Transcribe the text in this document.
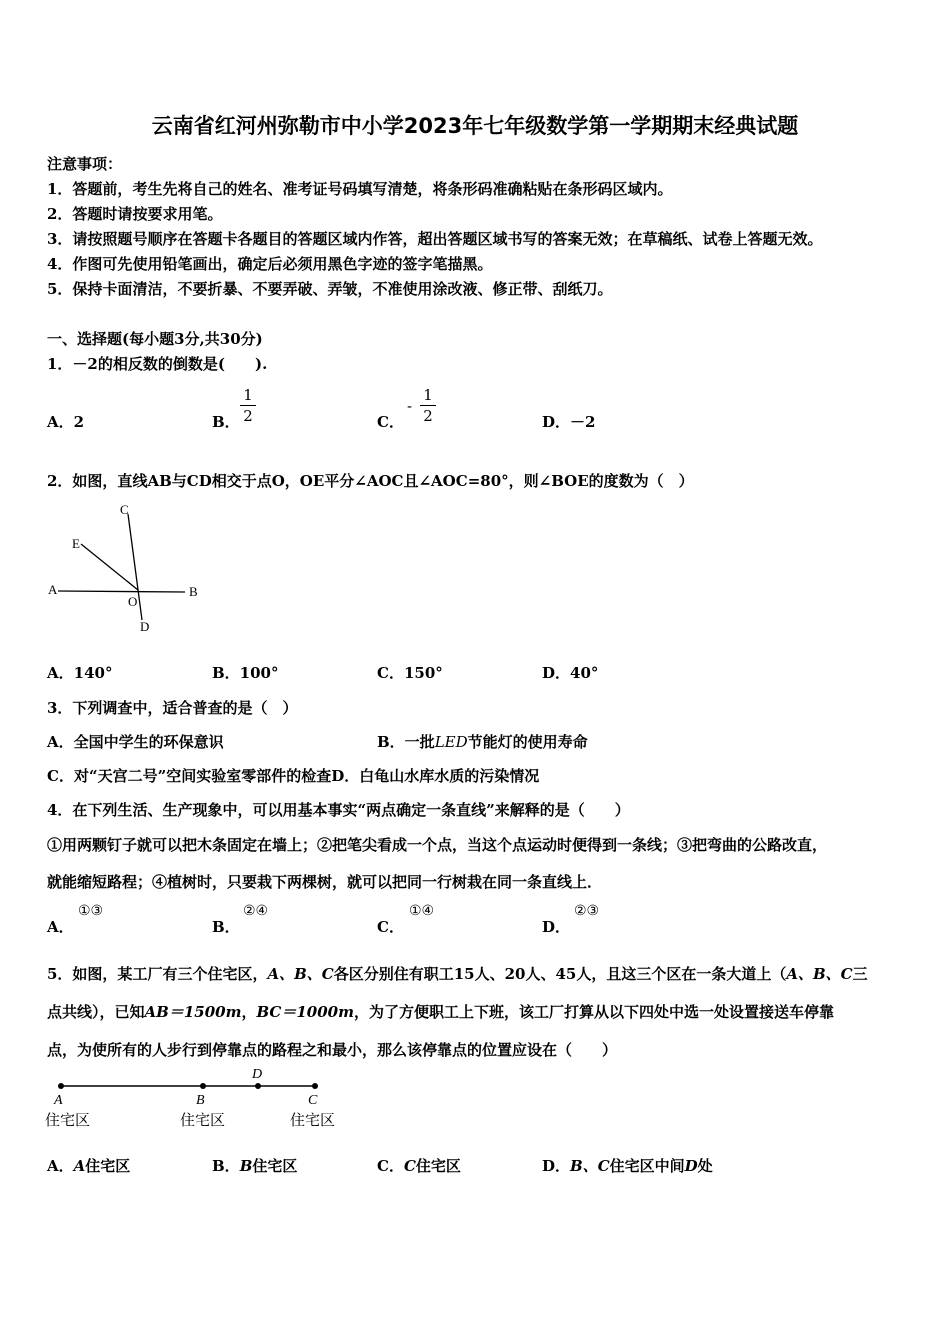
云南省红河州弥勒市中小学2023年七年级数学第一学期期末经典试题
注意事项：
1．答题前，考生先将自己的姓名、准考证号码填写清楚，将条形码准确粘贴在条形码区域内。
2．答题时请按要求用笔。
3．请按照题号顺序在答题卡各题目的答题区域内作答，超出答题区域书写的答案无效；在草稿纸、试卷上答题无效。
4．作图可先使用铅笔画出，确定后必须用黑色字迹的签字笔描黑。
5．保持卡面清洁，不要折暴、不要弄破、弄皱，不准使用涂改液、修正带、刮纸刀。
一、选择题(每小题3分,共30分)
1．－2的相反数的倒数是(　　).
A．2	B．
1
2	C．
-
1
2	D．－2
2．如图，直线AB与CD相交于点O，OE平分∠AOC且∠AOC=80°，则∠BOE的度数为（　）
A	B
C
D
E
O
A．140°	B．100°	C．150°	D．40°
3．下列调查中，适合普查的是（　）
A．全国中学生的环保意识	B．一批LED节能灯的使用寿命
C．对“天宫二号”空间实验室零部件的检查D．白龟山水库水质的污染情况
4．在下列生活、生产现象中，可以用基本事实“两点确定一条直线”来解释的是（　　）
①用两颗钉子就可以把木条固定在墙上；②把笔尖看成一个点，当这个点运动时便得到一条线；③把弯曲的公路改直，
就能缩短路程；④植树时，只要栽下两棵树，就可以把同一行树栽在同一条直线上．
A．
①③
B．
②④
C．
①④
D．
②③
5．如图，某工厂有三个住宅区，A、B、C各区分别住有职工15人、20人、45人，且这三个区在一条大道上（A、B、C三
点共线），已知AB＝1500m，BC＝1000m，为了方便职工上下班，该工厂打算从以下四处中选一处设置接送车停靠
点，为使所有的人步行到停靠点的路程之和最小，那么该停靠点的位置应设在（　　）
A	B
D
C
住宅区	住宅区	住宅区
A．A住宅区	B．B住宅区	C．C住宅区	D．B、C住宅区中间D处
